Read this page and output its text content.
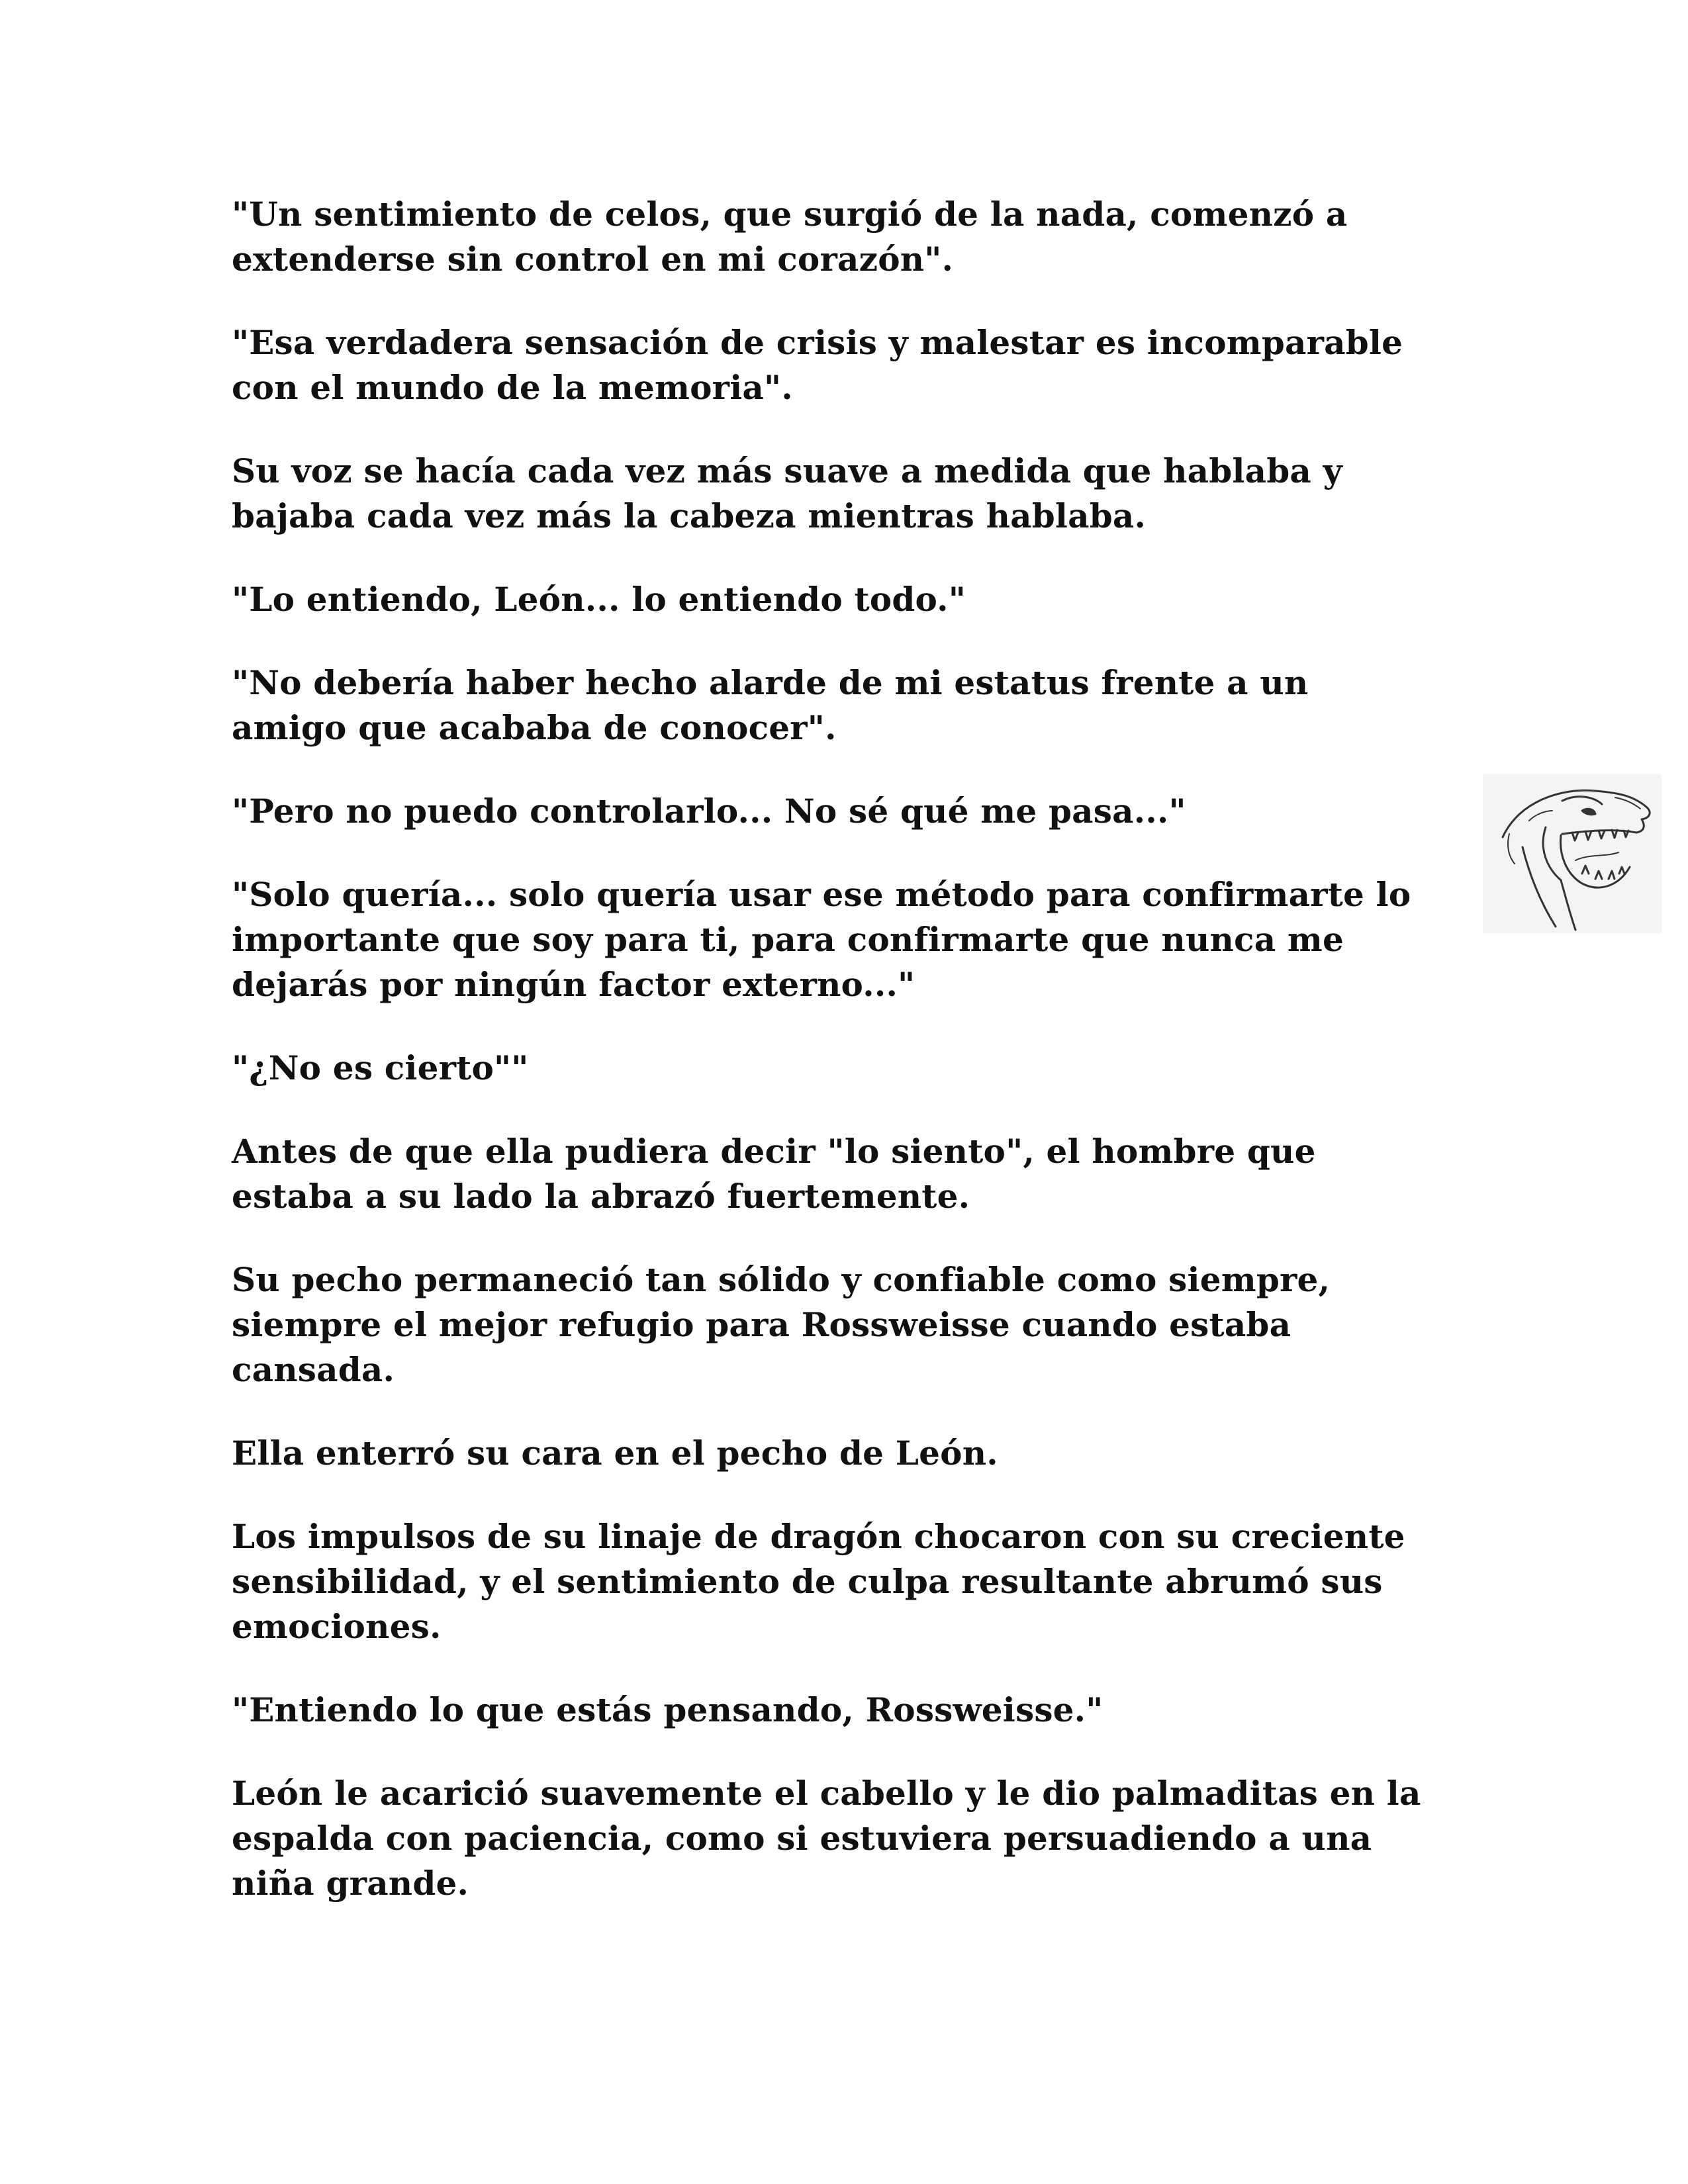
"Un sentimiento de celos, que surgió de la nada, comenzó a
extenderse sin control en mi corazón".

"Esa verdadera sensación de crisis y malestar es incomparable
con el mundo de la memoria".

Su voz se hacía cada vez más suave a medida que hablaba y
bajaba cada vez más la cabeza mientras hablaba.

"Lo entiendo, León... lo entiendo todo."

"No debería haber hecho alarde de mi estatus frente a un
amigo que acababa de conocer".

"Pero no puedo controlarlo... No sé qué me pasa..."

"Solo quería... solo quería usar ese método para confirmarte lo
importante que soy para ti, para confirmarte que nunca me
dejarás por ningún factor externo..."

"¿No es cierto""

Antes de que ella pudiera decir "lo siento", el hombre que
estaba a su lado la abrazó fuertemente.

Su pecho permaneció tan sólido y confiable como siempre,
siempre el mejor refugio para Rossweisse cuando estaba
cansada.

Ella enterró su cara en el pecho de León.

Los impulsos de su linaje de dragón chocaron con su creciente
sensibilidad, y el sentimiento de culpa resultante abrumó sus
emociones.

"Entiendo lo que estás pensando, Rossweisse."

León le acarició suavemente el cabello y le dio palmaditas en la
espalda con paciencia, como si estuviera persuadiendo a una
niña grande.
